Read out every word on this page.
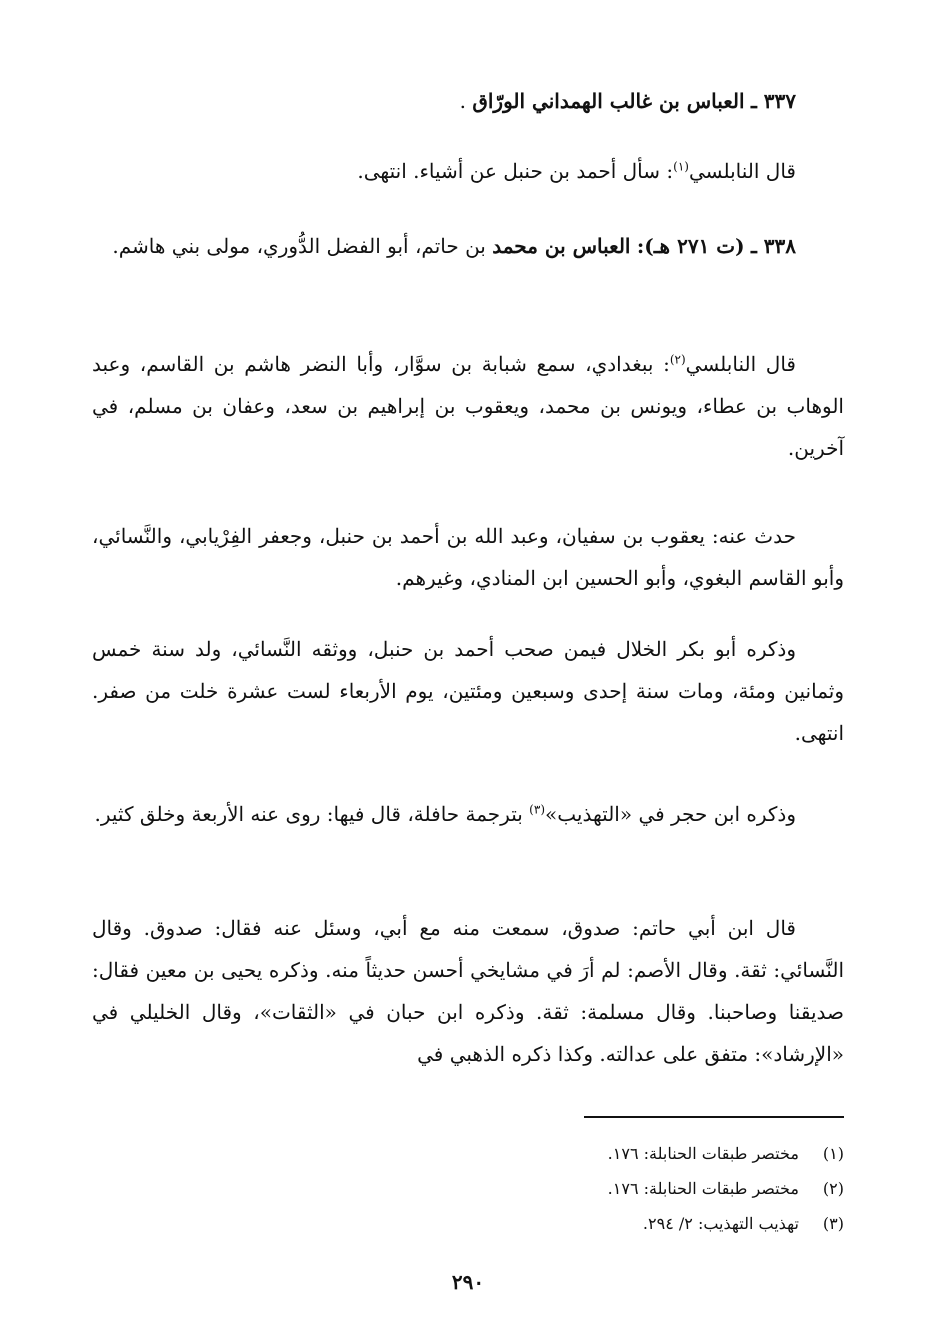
٣٣٧ ـ العباس بن غالب الهمداني الورّاق .
قال النابلسي$^{(١)}$: سأل أحمد بن حنبل عن أشياء. انتهى.
٣٣٨ ـ (ت ٢٧١ هـ): العباس بن محمد بن حاتم، أبو الفضل الدُّوري، مولى بني هاشم.
قال النابلسي$^{(٢)}$: ببغدادي، سمع شبابة بن سوَّار، وأبا النضر هاشم بن القاسم، وعبد الوهاب بن عطاء، ويونس بن محمد، ويعقوب بن إبراهيم بن سعد، وعفان بن مسلم، في آخرين.
حدث عنه: يعقوب بن سفيان، وعبد الله بن أحمد بن حنبل، وجعفر الفِرْيابي، والنَّسائي، وأبو القاسم البغوي، وأبو الحسين ابن المنادي، وغيرهم.
وذكره أبو بكر الخلال فيمن صحب أحمد بن حنبل، ووثقه النَّسائي، ولد سنة خمس وثمانين ومئة، ومات سنة إحدى وسبعين ومئتين، يوم الأربعاء لست عشرة خلت من صفر. انتهى.
وذكره ابن حجر في «التهذيب»$^{(٣)}$ بترجمة حافلة، قال فيها: روى عنه الأربعة وخلق كثير.
قال ابن أبي حاتم: صدوق، سمعت منه مع أبي، وسئل عنه فقال: صدوق. وقال النَّسائي: ثقة. وقال الأصم: لم أرَ في مشايخي أحسن حديثاً منه. وذكره يحيى بن معين فقال: صديقنا وصاحبنا. وقال مسلمة: ثقة. وذكره ابن حبان في «الثقات»، وقال الخليلي في «الإرشاد»: متفق على عدالته. وكذا ذكره الذهبي في
(١) مختصر طبقات الحنابلة: ١٧٦.
(٢) مختصر طبقات الحنابلة: ١٧٦.
(٣) تهذيب التهذيب: ٢/ ٢٩٤.
٢٩٠
